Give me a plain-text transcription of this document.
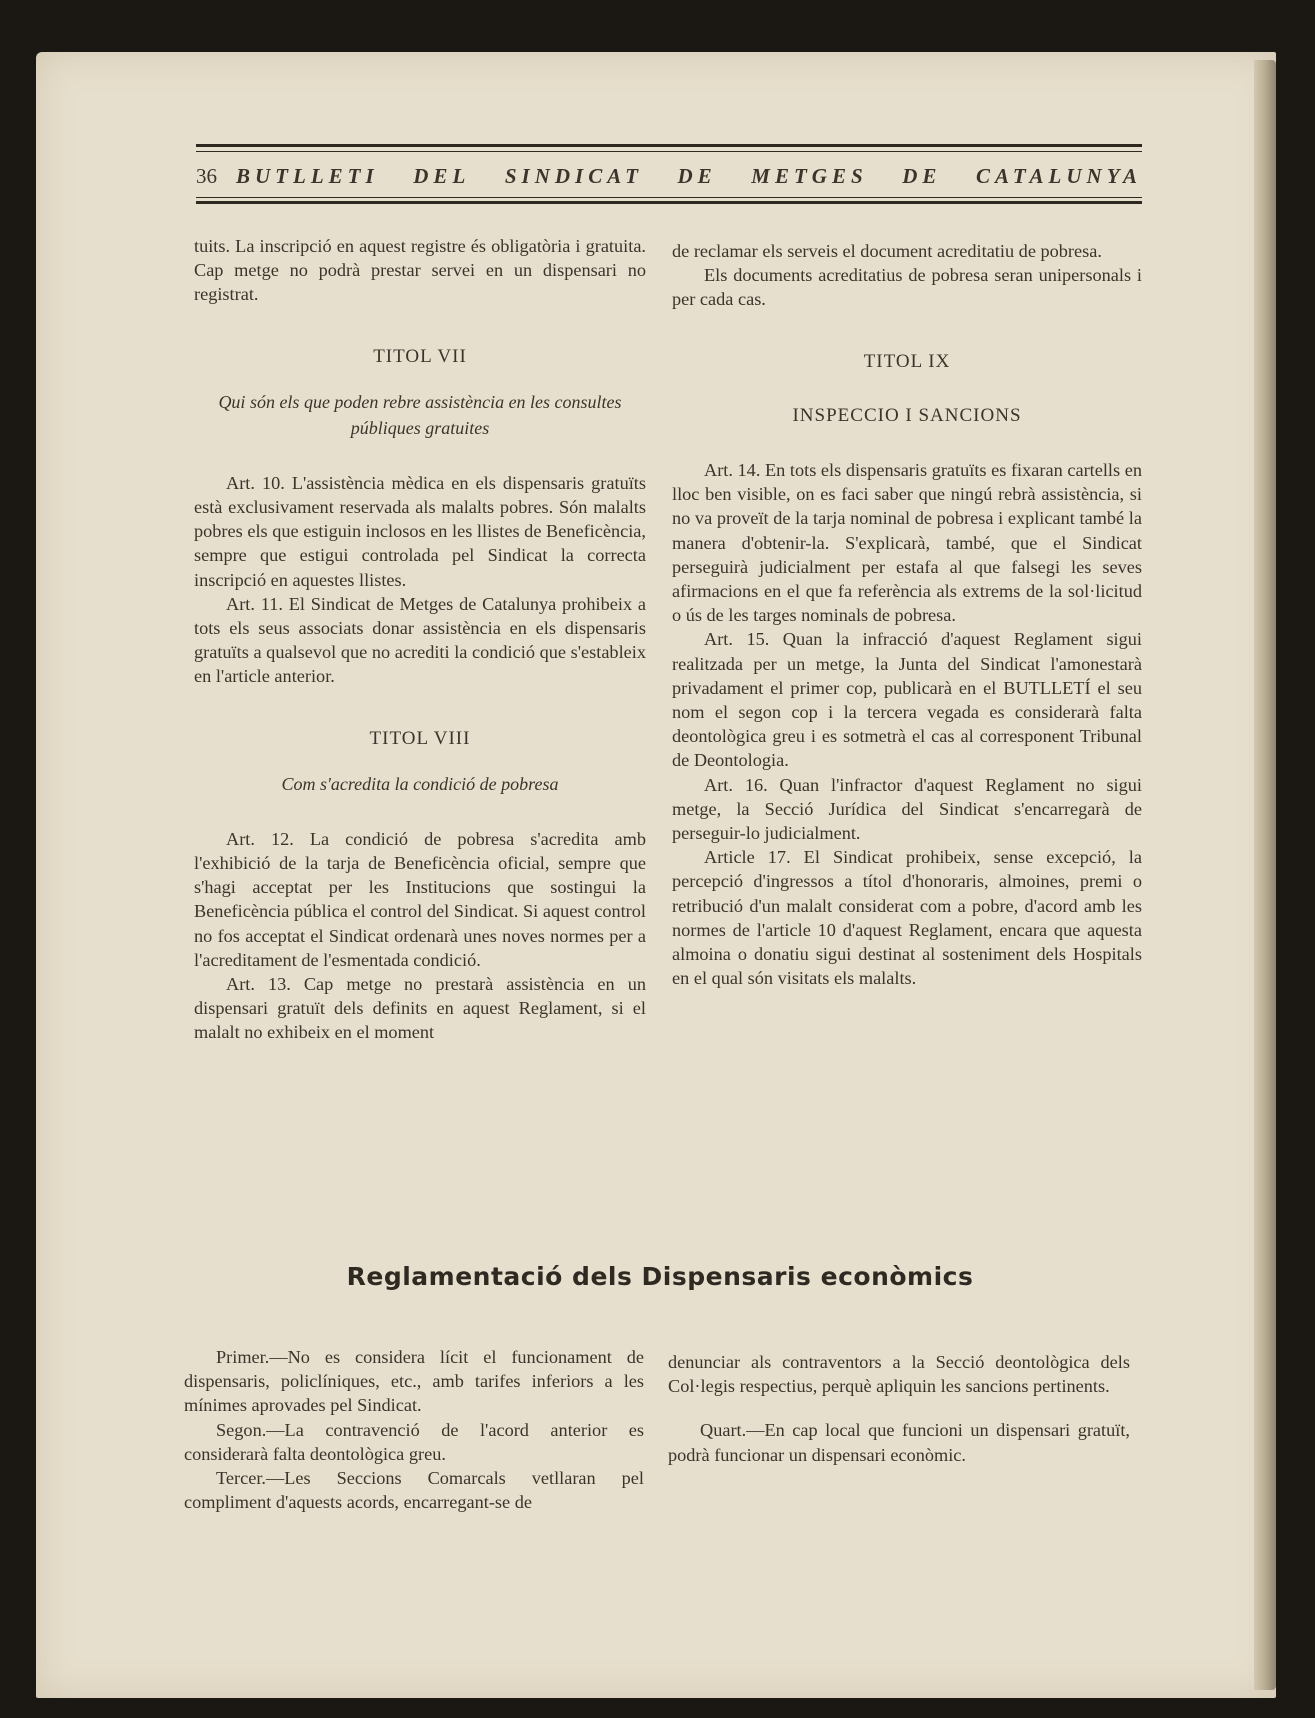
36 BUTLLETI DEL SINDICAT DE METGES DE CATALUNYA

tuits. La inscripció en aquest registre és obligatòria i gratuita. Cap metge no podrà prestar servei en un dispensari no registrat.

TITOL VII
Qui són els que poden rebre assistència en les consultes públiques gratuites

Art. 10. L'assistència mèdica en els dispensaris gratuïts està exclusivament reservada als malalts pobres. Són malalts pobres els que estiguin inclosos en les llistes de Beneficència, sempre que estigui controlada pel Sindicat la correcta inscripció en aquestes llistes.

Art. 11. El Sindicat de Metges de Catalunya prohibeix a tots els seus associats donar assistència en els dispensaris gratuïts a qualsevol que no acrediti la condició que s'estableix en l'article anterior.

TITOL VIII
Com s'acredita la condició de pobresa

Art. 12. La condició de pobresa s'acredita amb l'exhibició de la tarja de Beneficència oficial, sempre que s'hagi acceptat per les Institucions que sostingui la Beneficència pública el control del Sindicat. Si aquest control no fos acceptat el Sindicat ordenarà unes noves normes per a l'acreditament de l'esmentada condició.

Art. 13. Cap metge no prestarà assistència en un dispensari gratuït dels definits en aquest Reglament, si el malalt no exhibeix en el moment

de reclamar els serveis el document acreditatiu de pobresa.

Els documents acreditatius de pobresa seran unipersonals i per cada cas.

TITOL IX
INSPECCIO I SANCIONS

Art. 14. En tots els dispensaris gratuïts es fixaran cartells en lloc ben visible, on es faci saber que ningú rebrà assistència, si no va proveït de la tarja nominal de pobresa i explicant també la manera d'obtenir-la. S'explicarà, també, que el Sindicat perseguirà judicialment per estafa al que falsegi les seves afirmacions en el que fa referència als extrems de la sol·licitud o ús de les targes nominals de pobresa.

Art. 15. Quan la infracció d'aquest Reglament sigui realitzada per un metge, la Junta del Sindicat l'amonestarà privadament el primer cop, publicarà en el BUTLLETÍ el seu nom el segon cop i la tercera vegada es considerarà falta deontològica greu i es sotmetrà el cas al corresponent Tribunal de Deontologia.

Art. 16. Quan l'infractor d'aquest Reglament no sigui metge, la Secció Jurídica del Sindicat s'encarregarà de perseguir-lo judicialment.

Article 17. El Sindicat prohibeix, sense excepció, la percepció d'ingressos a títol d'honoraris, almoines, premi o retribució d'un malalt considerat com a pobre, d'acord amb les normes de l'article 10 d'aquest Reglament, encara que aquesta almoina o donatiu sigui destinat al sosteniment dels Hospitals en el qual són visitats els malalts.

Reglamentació dels Dispensaris econòmics

Primer.—No es considera lícit el funcionament de dispensaris, policlíniques, etc., amb tarifes inferiors a les mínimes aprovades pel Sindicat.

Segon.—La contravenció de l'acord anterior es considerarà falta deontològica greu.

Tercer.—Les Seccions Comarcals vetllaran pel compliment d'aquests acords, encarregant-se de

denunciar als contraventors a la Secció deontològica dels Col·legis respectius, perquè apliquin les sancions pertinents.

Quart.—En cap local que funcioni un dispensari gratuït, podrà funcionar un dispensari econòmic.
